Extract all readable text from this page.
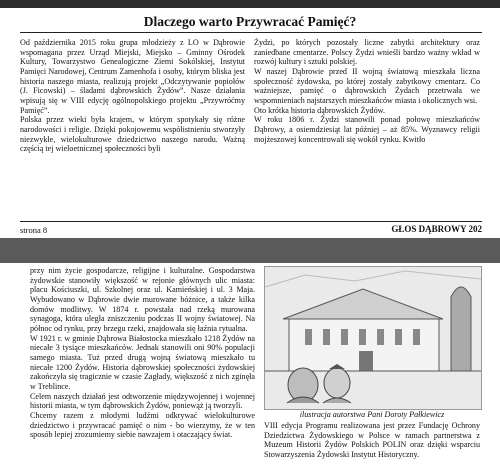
Dlaczego warto Przywracać Pamięć?

Od października 2015 roku grupa młodzieży z LO w Dąbrowie wspomagana przez Urząd Miejski, Miejsko – Gminny Ośrodek Kultury, Towarzystwo Genealogiczne Ziemi Sokólskiej, Instytut Pamięci Narodowej, Centrum Zamenhofa i osoby, którym bliska jest historia naszego miasta, realizują projekt „Odczytywanie popiołów (J. Ficowski) – śladami dąbrowskich Żydów”. Nasze działania wpisują się w VIII edycję ogólnopolskiego projektu „Przywróćmy Pamięć”.

Polska przez wieki była krajem, w którym spotykały się różne narodowości i religie. Dzięki pokojowemu współistnieniu stworzyły niezwykłe, wielokulturowe dziedzictwo naszego narodu. Ważną częścią tej wieloetnicznej społeczności byli

Żydzi, po których pozostały liczne zabytki architektury oraz zaniedbane cmentarze. Polscy Żydzi wnieśli bardzo ważny wkład w rozwój kultury i sztuki polskiej.

W naszej Dąbrowie przed II wojną światową mieszkała liczna społeczność żydowska, po której zostały zabytkowy cmentarz. Co ważniejsze, pamięć o dąbrowskich Żydach przetrwała we wspomnieniach najstarszych mieszkańców miasta i okolicznych wsi.

Oto krótka historia dąbrowskich Żydów.

W roku 1806 r. Żydzi stanowili ponad połowę mieszkańców Dąbrowy, a osiemdziesiąt lat później – aż 85%. Wyznawcy religii mojżeszowej koncentrowali się wokół rynku. Kwitło

strona 8	GŁOS DĄBROWY 202

przy nim życie gospodarcze, religijne i kulturalne. Gospodarstwa żydowskie stanowiły większość w rejonie głównych ulic miasta: placu Kościuszki, ul. Szkolnej oraz ul. Kamieńskiej i ul. 3 Maja. Wybudowano w Dąbrowie dwie murowane bóżnice, a także kilka domów modlitwy. W 1874 r. powstała nad rzeką murowana synagoga, która uległa zniszczeniu podczas II wojny światowej. Na północ od rynku, przy brzegu rzeki, znajdowała się łaźnia rytualna.

W 1921 r. w gminie Dąbrowa Białostocka mieszkało 1218 Żydów na niecałe 3 tysiące mieszkańców. Jednak stanowili oni 90% populacji samego miasta. Tuż przed drugą wojną światową mieszkało tu niecałe 1200 Żydów. Historia dąbrowskiej społeczności żydowskiej zakończyła się tragicznie w czasie Zagłady, większość z nich zginęła w Treblince.

Celem naszych działań jest odtworzenie międzywojennej i wojennej historii miasta, w tym dąbrowskich Żydów, poniewąż ją tworzyli.

Chcemy razem z młodymi ludźmi odkrywać wielokulturowe dziedzictwo i przywracać pamięć o nim - bo wierzymy, że w ten sposób lepiej zrozumiemy siebie nawzajem i otaczający świat.

ilustracja autorstwa Pani Doroty Pałkiewicz

VIII edycja Programu realizowana jest przez Fundację Ochrony Dziedzictwa Żydowskiego w Polsce w ramach partnerstwa z Muzeum Historii Żydów Polskich POLIN oraz dzięki wsparciu Stowarzyszenia Żydowski Instytut Historyczny.
